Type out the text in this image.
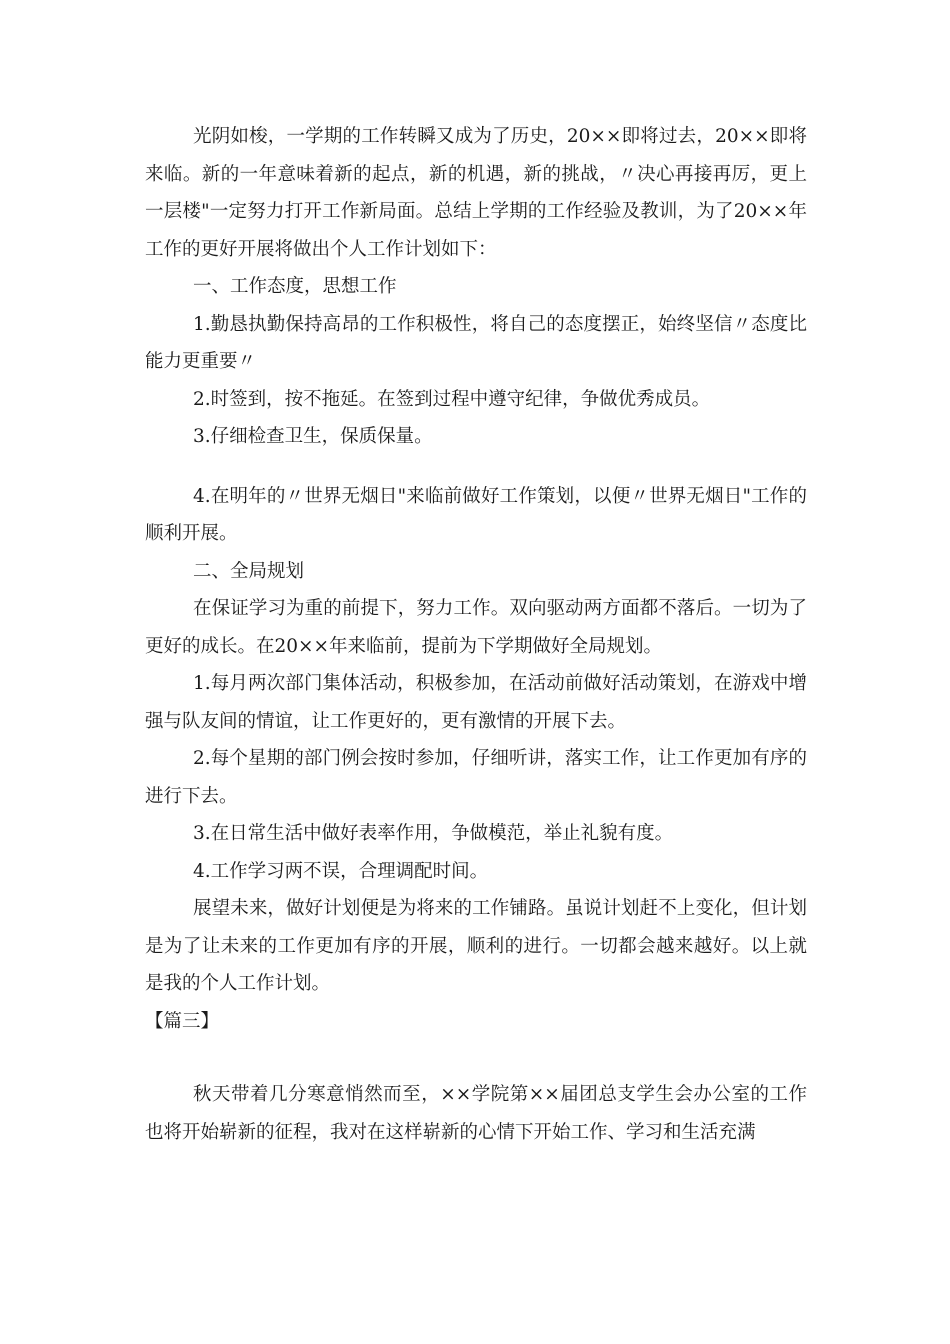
光阴如梭，一学期的工作转瞬又成为了历史，20××即将过去，20××即将来临。新的一年意味着新的起点，新的机遇，新的挑战，〃决心再接再厉，更上一层楼"一定努力打开工作新局面。总结上学期的工作经验及教训，为了20××年工作的更好开展将做出个人工作计划如下：

一、工作态度，思想工作

1.勤恳执勤保持高昂的工作积极性，将自己的态度摆正，始终坚信〃态度比能力更重要〃

2.时签到，按不拖延。在签到过程中遵守纪律，争做优秀成员。

3.仔细检查卫生，保质保量。

4.在明年的〃世界无烟日"来临前做好工作策划，以便〃世界无烟日"工作的顺利开展。

二、全局规划

在保证学习为重的前提下，努力工作。双向驱动两方面都不落后。一切为了更好的成长。在20××年来临前，提前为下学期做好全局规划。

1.每月两次部门集体活动，积极参加，在活动前做好活动策划，在游戏中增强与队友间的情谊，让工作更好的，更有激情的开展下去。

2.每个星期的部门例会按时参加，仔细听讲，落实工作，让工作更加有序的进行下去。

3.在日常生活中做好表率作用，争做模范，举止礼貌有度。

4.工作学习两不误，合理调配时间。

展望未来，做好计划便是为将来的工作铺路。虽说计划赶不上变化，但计划是为了让未来的工作更加有序的开展，顺利的进行。一切都会越来越好。以上就是我的个人工作计划。

【篇三】

秋天带着几分寒意悄然而至，××学院第××届团总支学生会办公室的工作也将开始崭新的征程，我对在这样崭新的心情下开始工作、学习和生活充满
